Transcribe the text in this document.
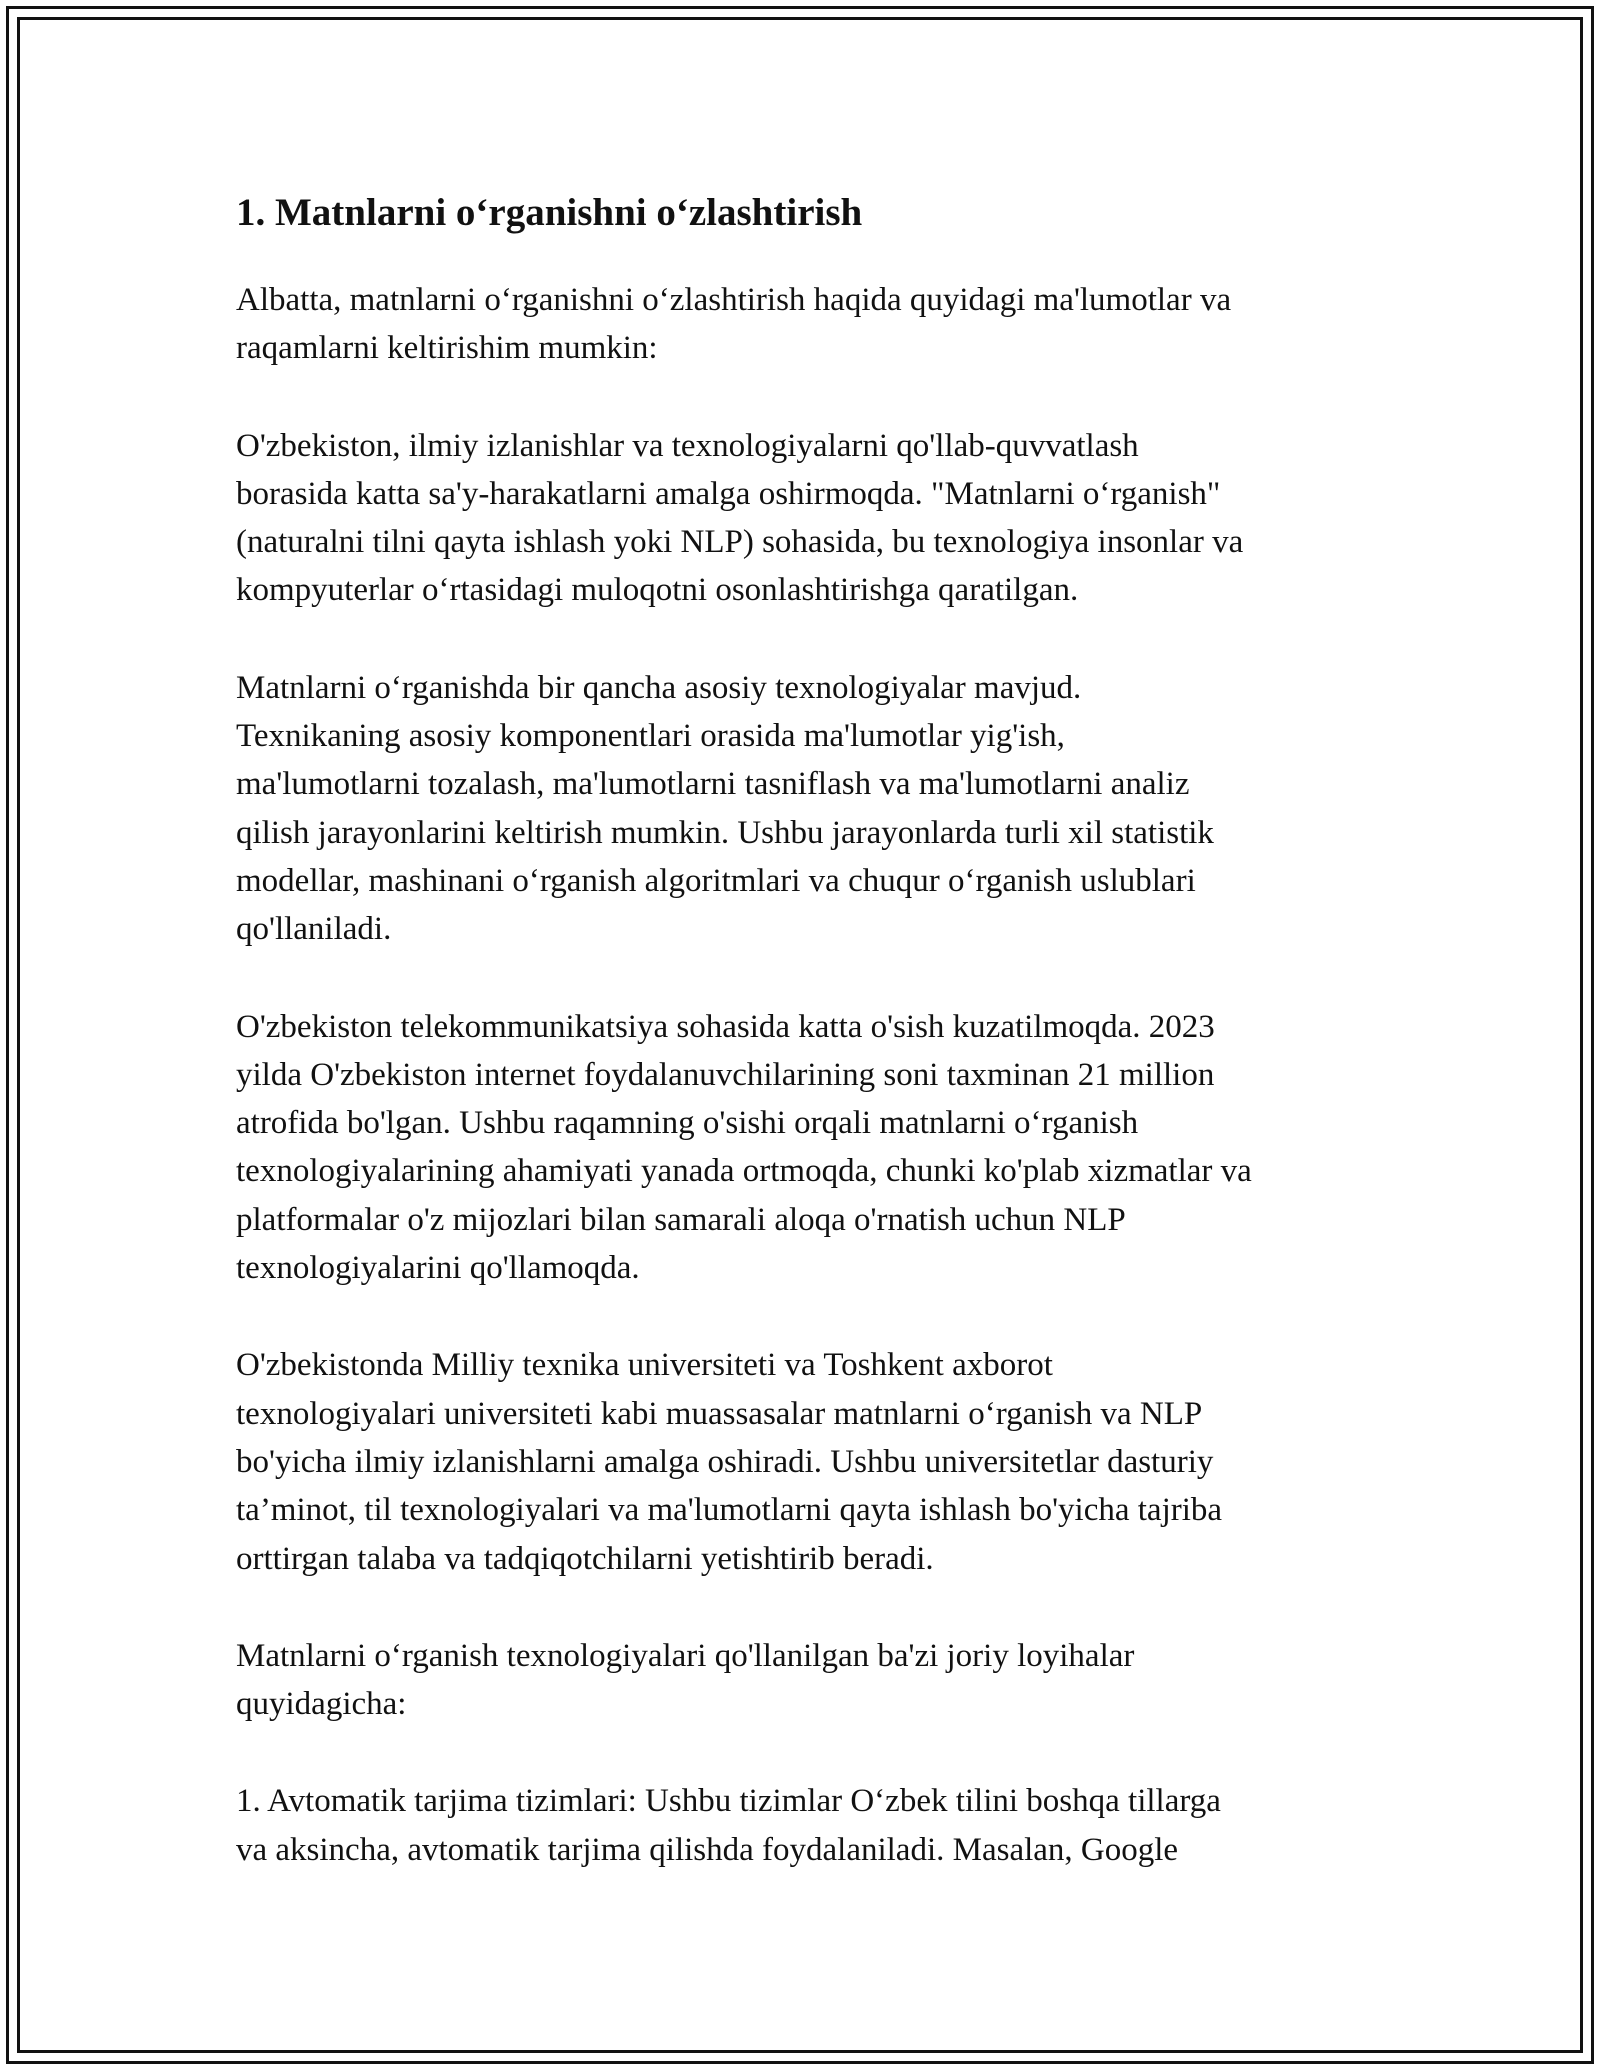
1. Matnlarni o‘rganishni o‘zlashtirish

Albatta, matnlarni o‘rganishni o‘zlashtirish haqida quyidagi ma'lumotlar va
raqamlarni keltirishim mumkin:

O'zbekiston, ilmiy izlanishlar va texnologiyalarni qo'llab-quvvatlash
borasida katta sa'y-harakatlarni amalga oshirmoqda. "Matnlarni o‘rganish"
(naturalni tilni qayta ishlash yoki NLP) sohasida, bu texnologiya insonlar va
kompyuterlar o‘rtasidagi muloqotni osonlashtirishga qaratilgan.

Matnlarni o‘rganishda bir qancha asosiy texnologiyalar mavjud.
Texnikaning asosiy komponentlari orasida ma'lumotlar yig'ish,
ma'lumotlarni tozalash, ma'lumotlarni tasniflash va ma'lumotlarni analiz
qilish jarayonlarini keltirish mumkin. Ushbu jarayonlarda turli xil statistik
modellar, mashinani o‘rganish algoritmlari va chuqur o‘rganish uslublari
qo'llaniladi.

O'zbekiston telekommunikatsiya sohasida katta o'sish kuzatilmoqda. 2023
yilda O'zbekiston internet foydalanuvchilarining soni taxminan 21 million
atrofida bo'lgan. Ushbu raqamning o'sishi orqali matnlarni o‘rganish
texnologiyalarining ahamiyati yanada ortmoqda, chunki ko'plab xizmatlar va
platformalar o'z mijozlari bilan samarali aloqa o'rnatish uchun NLP
texnologiyalarini qo'llamoqda.

O'zbekistonda Milliy texnika universiteti va Toshkent axborot
texnologiyalari universiteti kabi muassasalar matnlarni o‘rganish va NLP
bo'yicha ilmiy izlanishlarni amalga oshiradi. Ushbu universitetlar dasturiy
ta’minot, til texnologiyalari va ma'lumotlarni qayta ishlash bo'yicha tajriba
orttirgan talaba va tadqiqotchilarni yetishtirib beradi.

Matnlarni o‘rganish texnologiyalari qo'llanilgan ba'zi joriy loyihalar
quyidagicha:

1. Avtomatik tarjima tizimlari: Ushbu tizimlar O‘zbek tilini boshqa tillarga
va aksincha, avtomatik tarjima qilishda foydalaniladi. Masalan, Google
